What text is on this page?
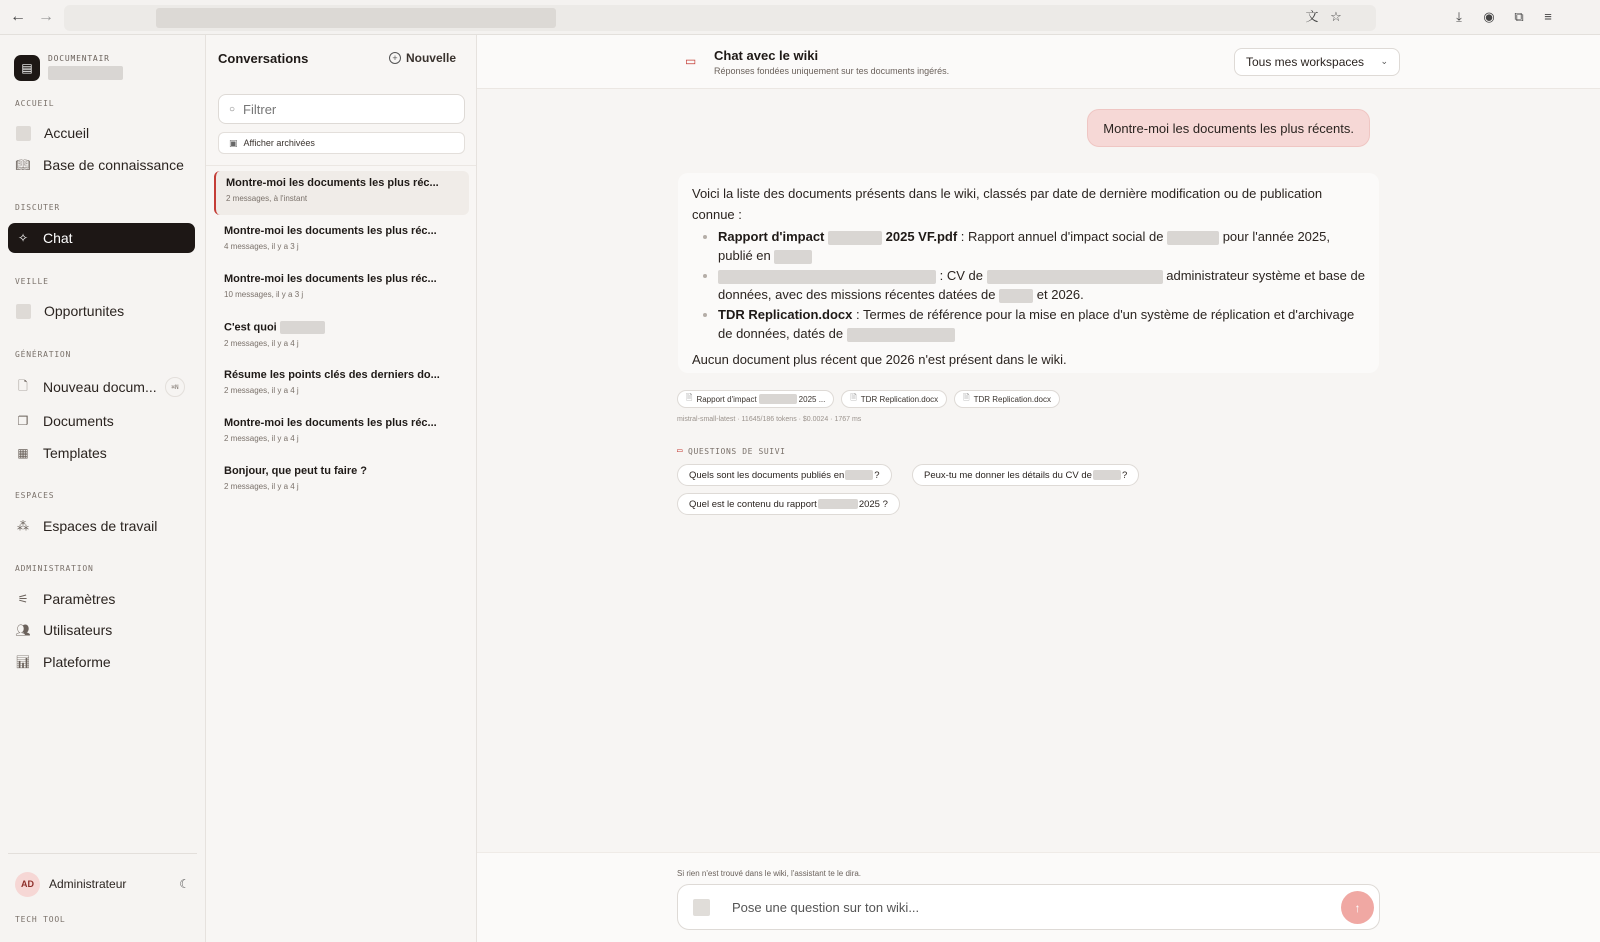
← →	文 ☆	⤓	◉ ⧉	≡
▤
DOCUMENTAIR
ACCUEIL
Accueil
📖︎ Base de connaissance
DISCUTER
✧ Chat
VEILLE
Opportunites
GÉNÉRATION
🗋︎ Nouveau docum...	⌘N
❐ Documents
▦ Templates
ESPACES
⁂ Espaces de travail
ADMINISTRATION
⚟ Paramètres
👥︎ Utilisateurs
📊︎ Plateforme
AD	Administrateur	☾
TECH TOOL
Conversations	+ Nouvelle
○
Filtrer
▣ Afficher archivées
Montre-moi les documents les plus réc...
2 messages, à l'instant
Montre-moi les documents les plus réc...
4 messages, il y a 3 j
Montre-moi les documents les plus réc...
10 messages, il y a 3 j
C'est quoi
2 messages, il y a 4 j
Résume les points clés des derniers do...
2 messages, il y a 4 j
Montre-moi les documents les plus réc...
2 messages, il y a 4 j
Bonjour, que peut tu faire ?
2 messages, il y a 4 j
▭ Chat avec le wiki
Réponses fondées uniquement sur tes documents ingérés.
Tous mes workspaces ⌄
Montre-moi les documents les plus récents.
Voici la liste des documents présents dans le wiki, classés par date de dernière modification ou de publication connue :
• Rapport d'impact	2025 VF.pdf : Rapport annuel d'impact social de	pour l'année 2025, publié en
• : CV de	administrateur système et base de données, avec des missions récentes datées de	et 2026.
• TDR Replication.docx : Termes de référence pour la mise en place d'un système de réplication et d'archivage de données, datés de
Aucun document plus récent que 2026 n'est présent dans le wiki.
🗎︎ Rapport d'impact	2025 ...	🗎︎ TDR Replication.docx	🗎︎ TDR Replication.docx
mistral-small-latest · 11645/186 tokens · $0.0024 · 1767 ms
▭ QUESTIONS DE SUIVI
Quels sont les documents publiés en	?	Peux-tu me donner les détails du CV de	?
Quel est le contenu du rapport	2025 ?
Si rien n'est trouvé dans le wiki, l'assistant te le dira.
Pose une question sur ton wiki...
↑
